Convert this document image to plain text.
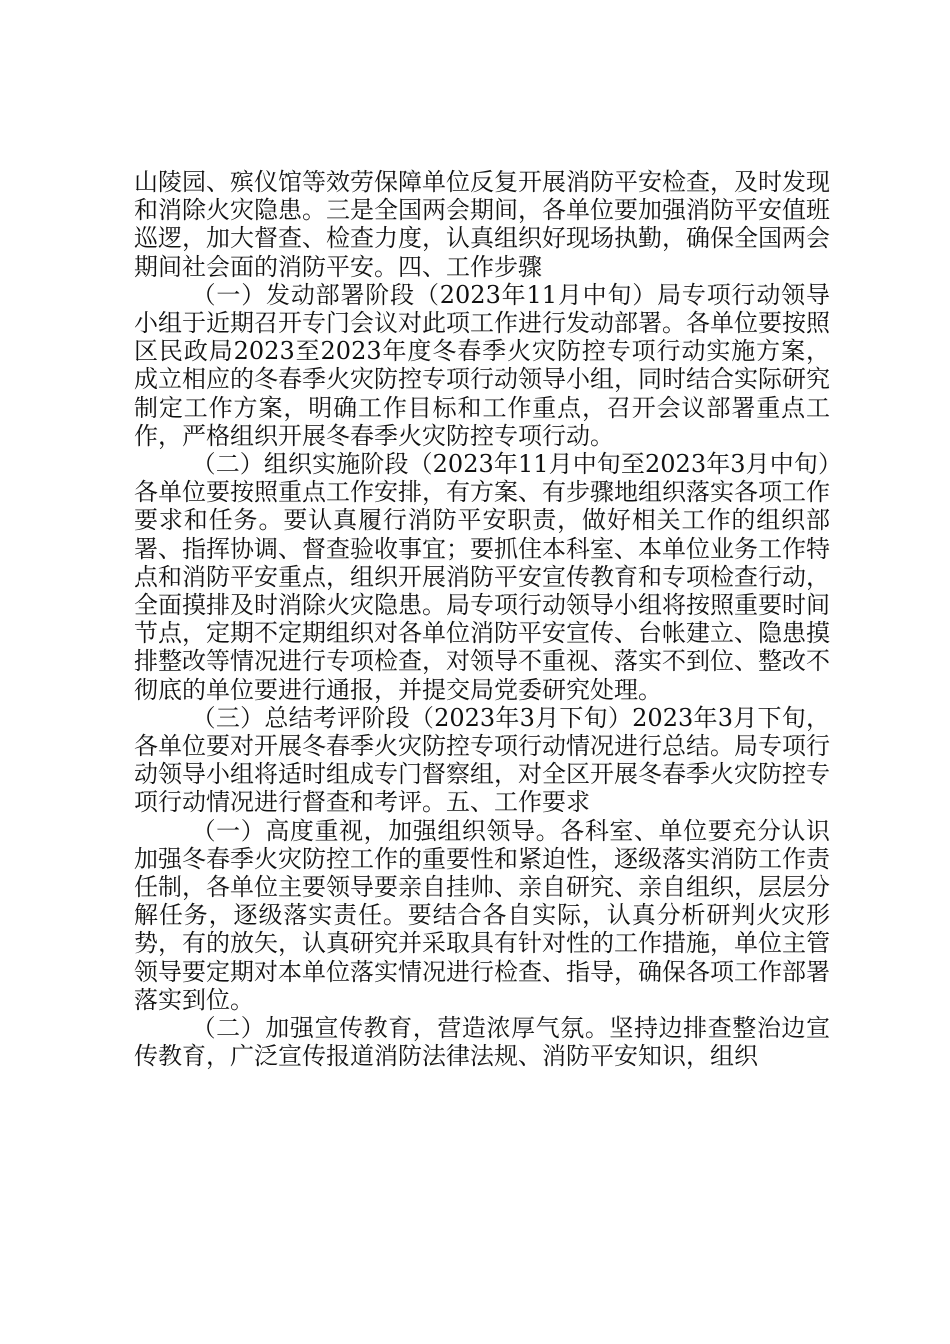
山陵园、殡仪馆等效劳保障单位反复开展消防平安检查，及时发现和消除火灾隐患。三是全国两会期间，各单位要加强消防平安值班巡逻，加大督查、检查力度，认真组织好现场执勤，确保全国两会期间社会面的消防平安。四、工作步骤

（一）发动部署阶段（2023年11月中旬）局专项行动领导小组于近期召开专门会议对此项工作进行发动部署。各单位要按照区民政局2023至2023年度冬春季火灾防控专项行动实施方案，成立相应的冬春季火灾防控专项行动领导小组，同时结合实际研究制定工作方案，明确工作目标和工作重点，召开会议部署重点工作，严格组织开展冬春季火灾防控专项行动。

（二）组织实施阶段（2023年11月中旬至2023年3月中旬）各单位要按照重点工作安排，有方案、有步骤地组织落实各项工作要求和任务。要认真履行消防平安职责，做好相关工作的组织部署、指挥协调、督查验收事宜；要抓住本科室、本单位业务工作特点和消防平安重点，组织开展消防平安宣传教育和专项检查行动，全面摸排及时消除火灾隐患。局专项行动领导小组将按照重要时间节点，定期不定期组织对各单位消防平安宣传、台帐建立、隐患摸排整改等情况进行专项检查，对领导不重视、落实不到位、整改不彻底的单位要进行通报，并提交局党委研究处理。

（三）总结考评阶段（2023年3月下旬）2023年3月下旬，各单位要对开展冬春季火灾防控专项行动情况进行总结。局专项行动领导小组将适时组成专门督察组，对全区开展冬春季火灾防控专项行动情况进行督查和考评。五、工作要求

（一）高度重视，加强组织领导。各科室、单位要充分认识加强冬春季火灾防控工作的重要性和紧迫性，逐级落实消防工作责任制，各单位主要领导要亲自挂帅、亲自研究、亲自组织，层层分解任务，逐级落实责任。要结合各自实际，认真分析研判火灾形势，有的放矢，认真研究并采取具有针对性的工作措施，单位主管领导要定期对本单位落实情况进行检查、指导，确保各项工作部署落实到位。

（二）加强宣传教育，营造浓厚气氛。坚持边排查整治边宣传教育，广泛宣传报道消防法律法规、消防平安知识，组织
